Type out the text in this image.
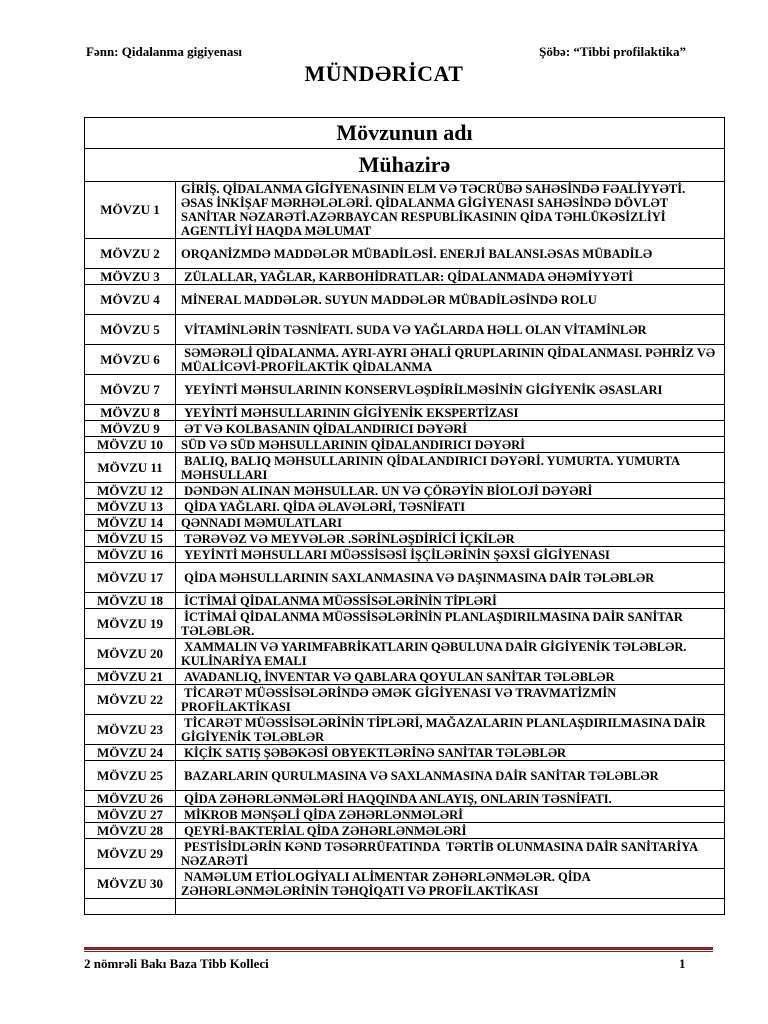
Fənn: Qidalanma gigiyenası	Şöbə: “Tibbi profilaktika”
MÜNDƏRİCAT
Mövzunun adı	
Mühazirə	
MÖVZU 1	GİRİŞ. QİDALANMA GİGİYENASININ ELM VƏ TƏCRÜBƏ SAHƏSİNDƏ FƏALİYYƏTİ. ƏSAS İNKİŞAF MƏRHƏLƏLƏRİ. QİDALANMA GİGİYENASI SAHƏSİNDƏ DÖVLƏT SANİTAR NƏZARƏTİ.AZƏRBAYCAN RESPUBLİKASININ QİDA TƏHLÜKƏSİZLİYİ AGENTLİYİ HAQDA MƏLUMAT
MÖVZU 2	ORQANİZMDƏ MADDƏLƏR MÜBADİLƏSİ. ENERJİ BALANSI.ƏSAS MÜBADİLƏ
MÖVZU 3	ZÜLALLAR, YAĞLAR, KARBOHİDRATLAR: QİDALANMADA ƏHƏMİYYƏTİ
MÖVZU 4	MİNERAL MADDƏLƏR. SUYUN MADDƏLƏR MÜBADİLƏSİNDƏ ROLU
MÖVZU 5	VİTAMİNLƏRİN TƏSNİFATI. SUDA VƏ YAĞLARDA HƏLL OLAN VİTAMİNLƏR
MÖVZU 6	SƏMƏRƏLİ QİDALANMA. AYRI-AYRI ƏHALİ QRUPLARININ QİDALANMASI. PƏHRİZ VƏ MÜALİCƏVİ-PROFİLAKTİK QİDALANMA
MÖVZU 7	YEYİNTİ MƏHSULARININ KONSERVLƏŞDİRİLMƏSİNİN GİGİYENİK ƏSASLARI
MÖVZU 8	YEYİNTİ MƏHSULLARININ GİGİYENİK EKSPERTİZASI
MÖVZU 9	ƏT VƏ KOLBASANIN QİDALANDIRICI DƏYƏRİ
MÖVZU 10	SÜD VƏ SÜD MƏHSULLARININ QİDALANDIRICI DƏYƏRİ
MÖVZU 11	BALIQ, BALIQ MƏHSULLARININ QİDALANDIRICI DƏYƏRİ. YUMURTA. YUMURTA MƏHSULLARI
MÖVZU 12	DƏNDƏN ALINAN MƏHSULLAR. UN VƏ ÇÖRƏYİN BİOLOJİ DƏYƏRİ
MÖVZU 13	QİDA YAĞLARI. QİDA ƏLAVƏLƏRİ, TƏSNİFATI
MÖVZU 14	QƏNNADI MƏMULATLARI
MÖVZU 15	TƏRƏVƏZ VƏ MEYVƏLƏR .SƏRİNLƏŞDİRİCİ İÇKİLƏR
MÖVZU 16	YEYİNTİ MƏHSULLARI MÜƏSSİSƏSİ İŞÇİLƏRİNİN ŞƏXSİ GİGİYENASI
MÖVZU 17	QİDA MƏHSULLARININ SAXLANMASINA VƏ DAŞINMASINA DAİR TƏLƏBLƏR
MÖVZU 18	İCTİMAİ QİDALANMA MÜƏSSİSƏLƏRİNİN TİPLƏRİ
MÖVZU 19	İCTİMAİ QİDALANMA MÜƏSSİSƏLƏRİNİN PLANLAŞDIRILMASINA DAİR SANİTAR TƏLƏBLƏR.
MÖVZU 20	XAMMALIN VƏ YARIMFABRİKATLARIN QƏBULUNA DAİR GİGİYENİK TƏLƏBLƏR. KULİNARİYA EMALI
MÖVZU 21	AVADANLIQ, İNVENTAR VƏ QABLARA QOYULAN SANİTAR TƏLƏBLƏR
MÖVZU 22	TİCARƏT MÜƏSSİSƏLƏRİNDƏ ƏMƏK GİGİYENASI VƏ TRAVMATİZMİN PROFİLAKTİKASI
MÖVZU 23	TİCARƏT MÜƏSSİSƏLƏRİNİN TİPLƏRİ, MAĞAZALARIN PLANLAŞDIRILMASINA DAİR GİGİYENİK TƏLƏBLƏR
MÖVZU 24	KİÇİK SATIŞ ŞƏBƏKƏSİ OBYEKTLƏRİNƏ SANİTAR TƏLƏBLƏR
MÖVZU 25	BAZARLARIN QURULMASINA VƏ SAXLANMASINA DAİR SANİTAR TƏLƏBLƏR
MÖVZU 26	QİDA ZƏHƏRLƏNMƏLƏRİ HAQQINDA ANLAYIŞ, ONLARIN TƏSNİFATI.
MÖVZU 27	MİKROB MƏNŞƏLİ QİDA ZƏHƏRLƏNMƏLƏRİ
MÖVZU 28	QEYRİ-BAKTERİAL QİDA ZƏHƏRLƏNMƏLƏRİ
MÖVZU 29	PESTİSİDLƏRİN KƏND TƏSƏRRÜFATINDA  TƏRTİB OLUNMASINA DAİR SANİTARİYA NƏZARƏTİ
MÖVZU 30	NAMƏLUM ETİOLOGİYALI ALİMENTAR ZƏHƏRLƏNMƏLƏR. QİDA ZƏHƏRLƏNMƏLƏRİNİN TƏHQİQATI VƏ PROFİLAKTİKASI

2 nömrəli Bakı Baza Tibb Kolleci	1
